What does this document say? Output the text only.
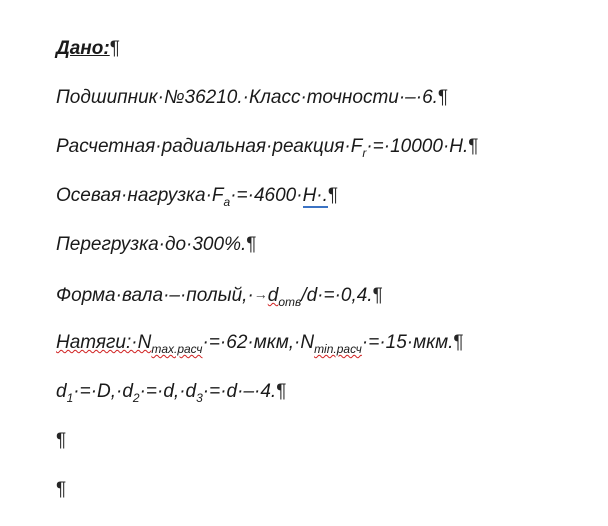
Дано:¶
Подшипник·№36210.·Класс·точности·–·6.¶
$Расчетная\cdot радиальная\cdot реакция\cdot F_r\cdot=\cdot 10000\cdot Н.\P$
$Осевая\cdot нагрузка\cdot F_a\cdot=\cdot 4600\cdot Н\cdot.\P$
Перегрузка·до·300%.¶
$Форма\cdot вала\cdot-\cdot полый,\cdot\to d_{отв}/d\cdot=\cdot 0,4.\P$
$Натяги:\cdot N_{max.расч}\cdot=\cdot 62\cdot мкм,\cdot N_{min.расч}\cdot=\cdot 15\cdot мкм.\P$
$d_1\cdot=\cdot D,\cdot d_2\cdot=\cdot d,\cdot d_3\cdot=\cdot d\cdot-\cdot 4.\P$
¶
¶
